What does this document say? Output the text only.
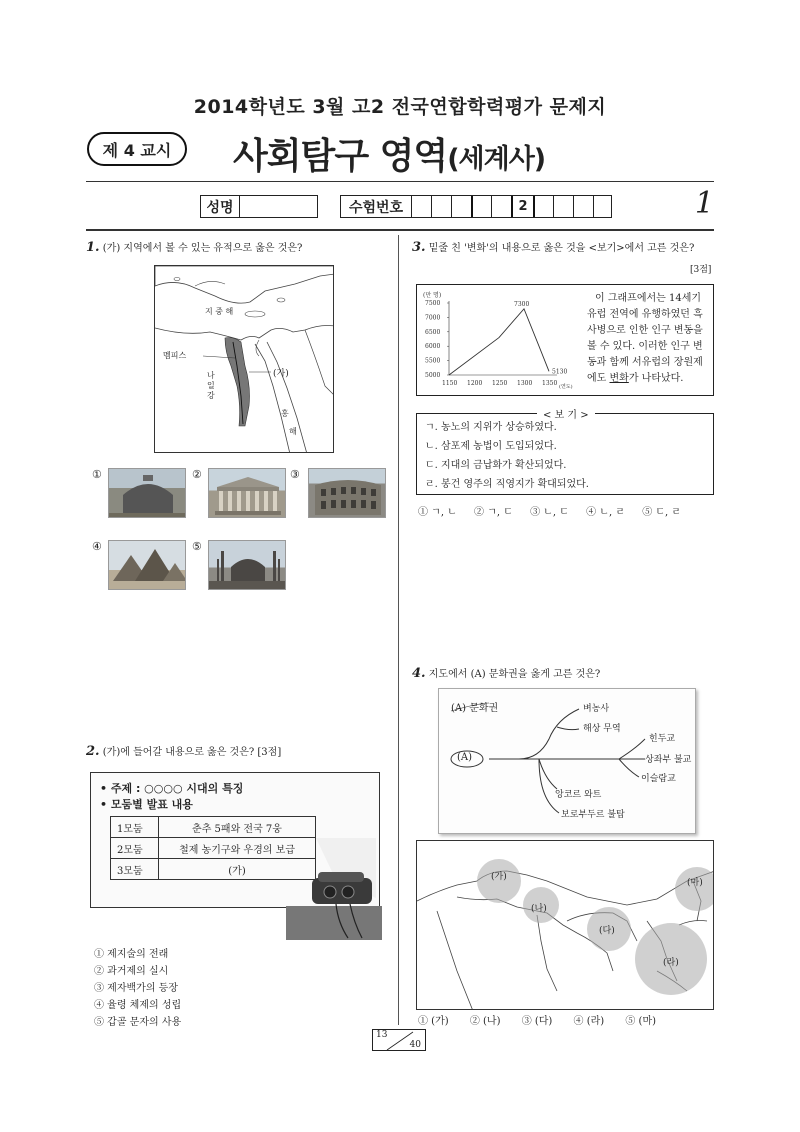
2014학년도 3월 고2 전국연합학력평가 문제지
제 4 교시	사회탐구 영역(세계사)
1
성명	수험번호	2
1. (가) 지역에서 볼 수 있는 유적으로 옳은 것은?
지 중 해
멤피스
나
일
강
(가)
홍
해
①	②	③
④	⑤
2. (가)에 들어갈 내용으로 옳은 것은? [3점]
• 주제 : ○○○○ 시대의 특징
• 모둠별 발표 내용
1모둠	춘추 5패와 전국 7웅
2모둠	철제 농기구와 우경의 보급
3모둠	(가)
① 제지술의 전래
② 과거제의 실시
③ 제자백가의 등장
④ 율령 체제의 성립
⑤ 갑골 문자의 사용
3. 밑줄 친 '변화'의 내용으로 옳은 것을 <보기>에서 고른 것은?
[3점]
(만 명)
7500
7000
6500
6000
5500
5000
1150 1200 1250 1300 1350
7300
5130
(연도)
이 그래프에서는 14세기
유럽 전역에 유행하였던 흑
사병으로 인한 인구 변동을
볼 수 있다. 이러한 인구 변
동과 함께 서유럽의 장원제
에도 변화가 나타났다.
< 보 기 >

ㄱ. 농노의 지위가 상승하였다.

ㄴ. 삼포제 농법이 도입되었다.

ㄷ. 지대의 금납화가 확산되었다.

ㄹ. 봉건 영주의 직영지가 확대되었다.

① ㄱ, ㄴ ② ㄱ, ㄷ ③ ㄴ, ㄷ ④ ㄴ, ㄹ ⑤ ㄷ, ㄹ
4. 지도에서 (A) 문화권을 옳게 고른 것은?
(A) 문화권
(A)
벼농사
해상 무역
힌두교
상좌부 불교
이슬람교
앙코르 와트
보로부두르 불탑
(가)
(나)
(다)
(라)
(마)
① (가) ② (나) ③ (다) ④ (라) ⑤ (마)
13
40
